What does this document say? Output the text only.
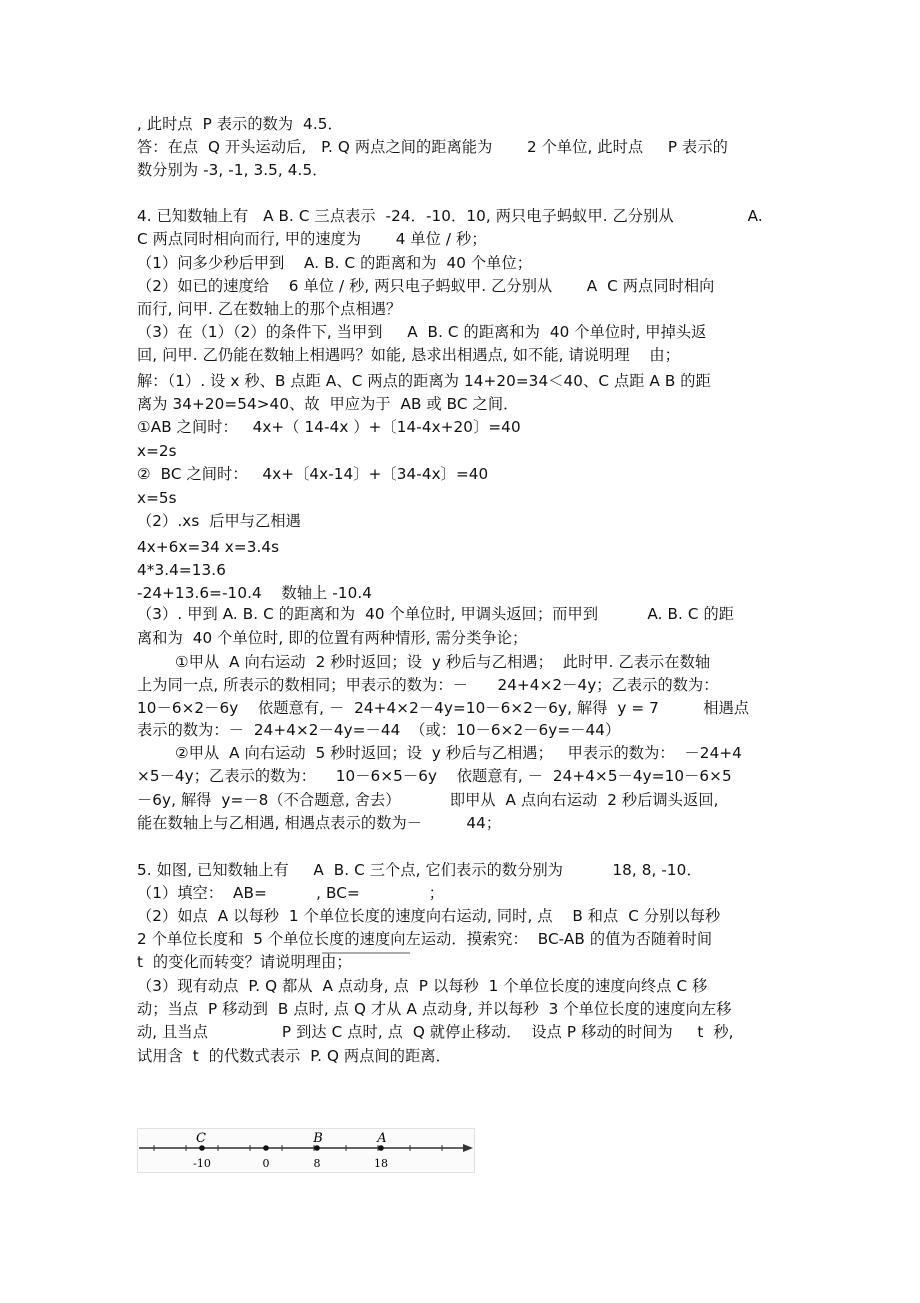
, 此时点  P 表示的数为  4.5．
答：在点  Q 开头运动后,   P. Q 两点之间的距离能为       2 个单位, 此时点     P 表示的
数分别为 -3, -1, 3.5, 4.5．
4. 已知数轴上有   A B. C 三点表示  -24．-10．10, 两只电子蚂蚁甲. 乙分别从               A.
C 两点同时相向而行, 甲的速度为       4 单位 / 秒；
（1）问多少秒后甲到    A. B. C 的距离和为  40 个单位；
（2）如已的速度给    6 单位 / 秒, 两只电子蚂蚁甲. 乙分别从       A  C 两点同时相向
而行, 问甲. 乙在数轴上的那个点相遇？
（3）在（1）（2）的条件下, 当甲到     A  B. C 的距离和为  40 个单位时, 甲掉头返
回, 问甲. 乙仍能在数轴上相遇吗？如能, 恳求出相遇点, 如不能, 请说明理    由；
解：（1）. 设 x 秒、B 点距 A、C 两点的距离为 14+20=34＜40、C 点距 A B 的距
离为 34+20=54>40、故  甲应为于  AB 或 BC 之间．
①AB 之间时：   4x+（ 14-4x ）+〔14-4x+20〕=40
x=2s
②  BC 之间时：   4x+〔4x-14〕+〔34-4x〕=40
x=5s
（2）.xs  后甲与乙相遇
4x+6x=34 x=3.4s
4*3.4=13.6
-24+13.6=-10.4    数轴上 -10.4
（3）. 甲到 A. B. C 的距离和为  40 个单位时, 甲调头返回；而甲到          A. B. C 的距
离和为  40 个单位时, 即的位置有两种情形, 需分类争论；
①甲从  A 向右运动  2 秒时返回；设  y 秒后与乙相遇；  此时甲. 乙表示在数轴
上为同一点, 所表示的数相同；甲表示的数为：－      24+4×2－4y；乙表示的数为：
10－6×2－6y    依题意有, －  24+4×2－4y=10－6×2－6y, 解得  y = 7         相遇点
表示的数为：－  24+4×2－4y=－44  （或：10－6×2－6y=－44）
②甲从  A 向右运动  5 秒时返回；设  y 秒后与乙相遇；   甲表示的数为：  －24+4
×5－4y；乙表示的数为：    10－6×5－6y    依题意有, －  24+4×5－4y=10－6×5
－6y, 解得  y=－8（不合题意, 舍去）          即甲从  A 点向右运动  2 秒后调头返回,
能在数轴上与乙相遇, 相遇点表示的数为－         44；
5. 如图, 已知数轴上有     A  B. C 三个点, 它们表示的数分别为          18, 8, -10．
（1）填空：  AB=          , BC=              ；
（2）如点  A 以每秒  1 个单位长度的速度向右运动, 同时, 点    B 和点  C 分别以每秒
2 个单位长度和  5 个单位长度的速度向左运动．摸索究：  BC-AB 的值为否随着时间
t  的变化而转变？请说明理由；
（3）现有动点  P. Q 都从  A 点动身, 点  P 以每秒  1 个单位长度的速度向终点 C 移
动；当点  P 移动到  B 点时, 点 Q 才从 A 点动身, 并以每秒  3 个单位长度的速度向左移
动, 且当点               P 到达 C 点时, 点  Q 就停止移动．  设点 P 移动的时间为     t  秒,
试用含  t  的代数式表示  P. Q 两点间的距离．
C	B	A
-10	0	8	18
